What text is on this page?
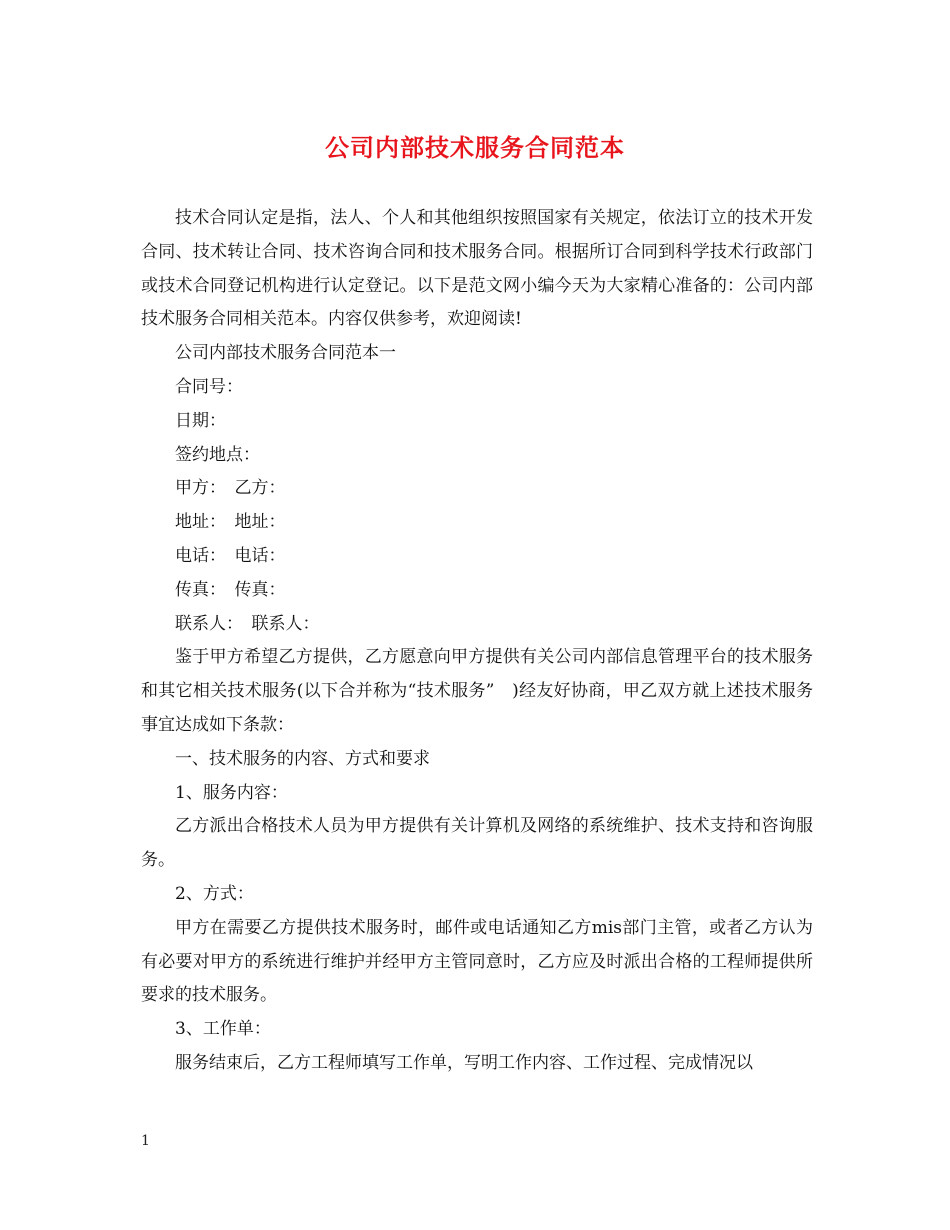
公司内部技术服务合同范本

技术合同认定是指，法人、个人和其他组织按照国家有关规定，依法订立的技术开发合同、技术转让合同、技术咨询合同和技术服务合同。根据所订合同到科学技术行政部门或技术合同登记机构进行认定登记。以下是范文网小编今天为大家精心准备的：公司内部技术服务合同相关范本。内容仅供参考，欢迎阅读!

公司内部技术服务合同范本一

合同号：

日期：

签约地点：

甲方：　乙方：

地址：　地址：

电话：　电话：

传真：　传真：

联系人：　联系人：

鉴于甲方希望乙方提供，乙方愿意向甲方提供有关公司内部信息管理平台的技术服务和其它相关技术服务(以下合并称为“技术服务”　)经友好协商，甲乙双方就上述技术服务事宜达成如下条款：

一、技术服务的内容、方式和要求

1、服务内容：

乙方派出合格技术人员为甲方提供有关计算机及网络的系统维护、技术支持和咨询服务。

2、方式：

甲方在需要乙方提供技术服务时，邮件或电话通知乙方mis部门主管，或者乙方认为有必要对甲方的系统进行维护并经甲方主管同意时，乙方应及时派出合格的工程师提供所要求的技术服务。

3、工作单：

服务结束后，乙方工程师填写工作单，写明工作内容、工作过程、完成情况以

1
